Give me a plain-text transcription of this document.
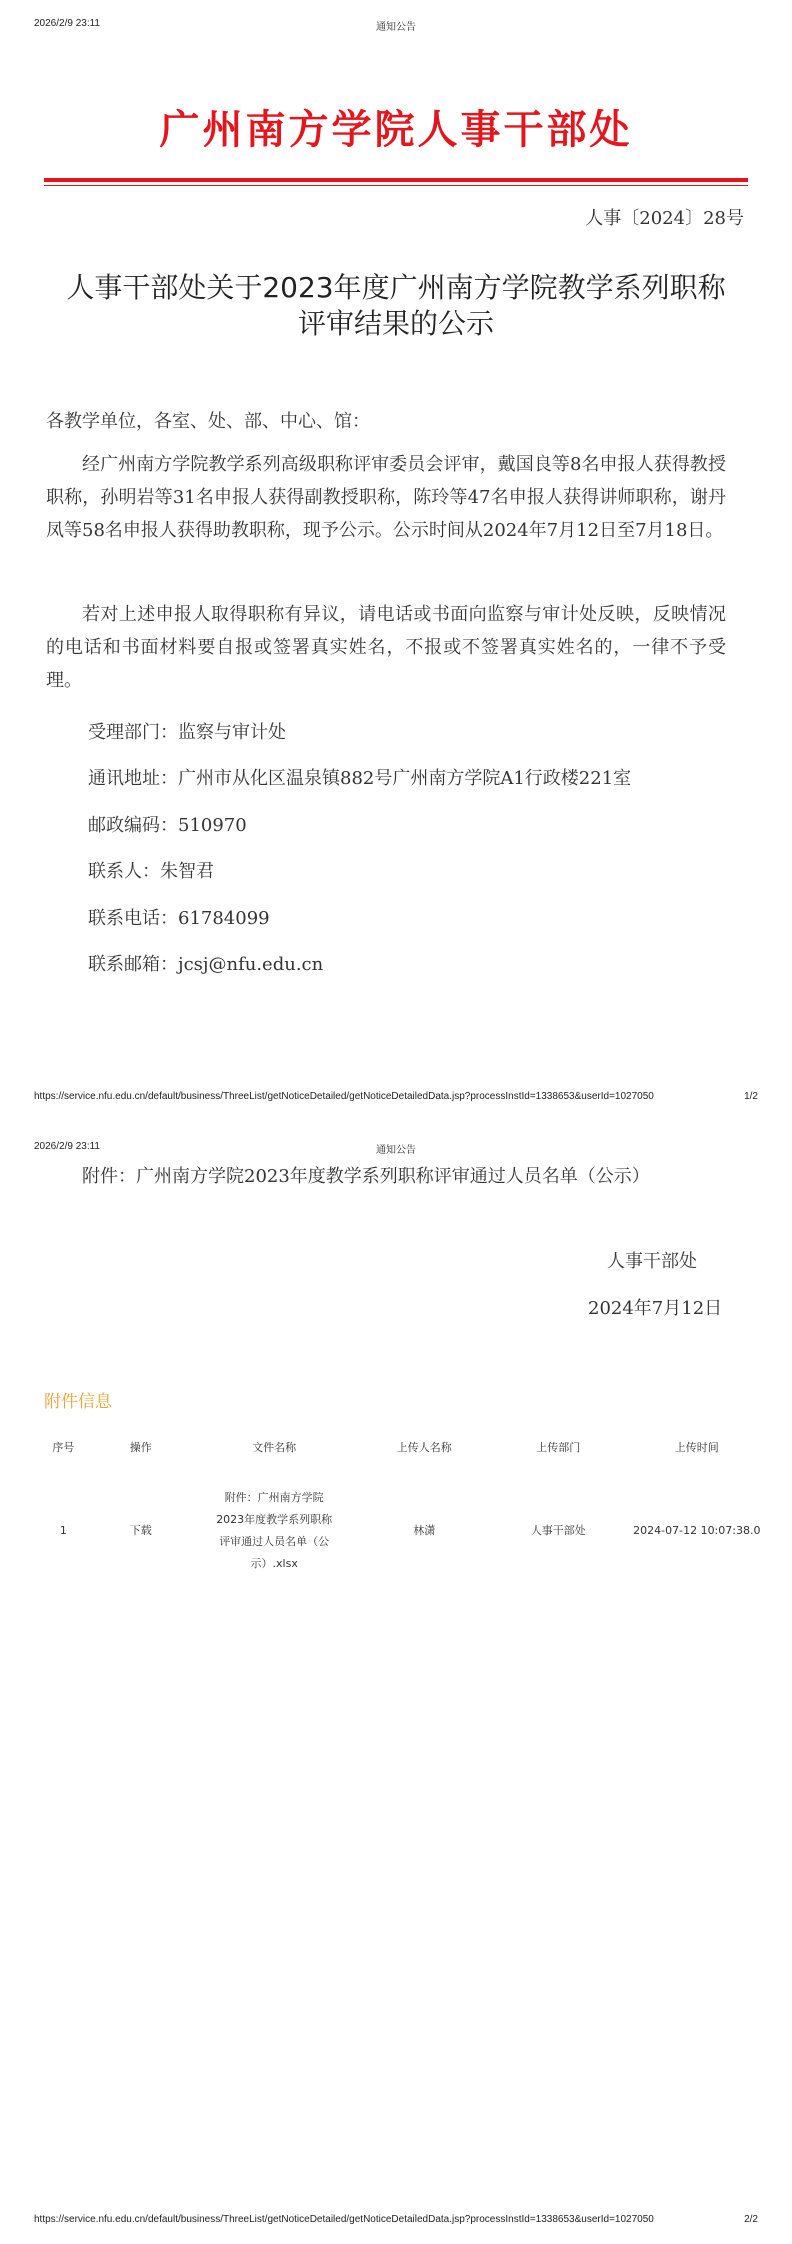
2026/2/9 23:11	通知公告
广州南方学院人事干部处
人事〔2024〕28号
人事干部处关于2023年度广州南方学院教学系列职称
评审结果的公示
各教学单位，各室、处、部、中心、馆：
经广州南方学院教学系列高级职称评审委员会评审，戴国良等8名申报人获得教授职称，孙明岩等31名申报人获得副教授职称，陈玲等47名申报人获得讲师职称，谢丹凤等58名申报人获得助教职称，现予公示。公示时间从2024年7月12日至7月18日。
若对上述申报人取得职称有异议，请电话或书面向监察与审计处反映，反映情况的电话和书面材料要自报或签署真实姓名，不报或不签署真实姓名的，一律不予受理。
受理部门：监察与审计处
通讯地址：广州市从化区温泉镇882号广州南方学院A1行政楼221室
邮政编码：510970
联系人：朱智君
联系电话：61784099
联系邮箱：jcsj@nfu.edu.cn
https://service.nfu.edu.cn/default/business/ThreeList/getNoticeDetailed/getNoticeDetailedData.jsp?processInstId=1338653&userId=1027050	1/2
2026/2/9 23:11	通知公告
附件：广州南方学院2023年度教学系列职称评审通过人员名单（公示）
人事干部处
2024年7月12日
附件信息
序号	操作	文件名称	上传人名称	上传部门	上传时间
1	下载	附件：广州南方学院2023年度教学系列职称评审通过人员名单（公示）.xlsx	林潇	人事干部处	2024-07-12 10:07:38.0
https://service.nfu.edu.cn/default/business/ThreeList/getNoticeDetailed/getNoticeDetailedData.jsp?processInstId=1338653&userId=1027050	2/2
